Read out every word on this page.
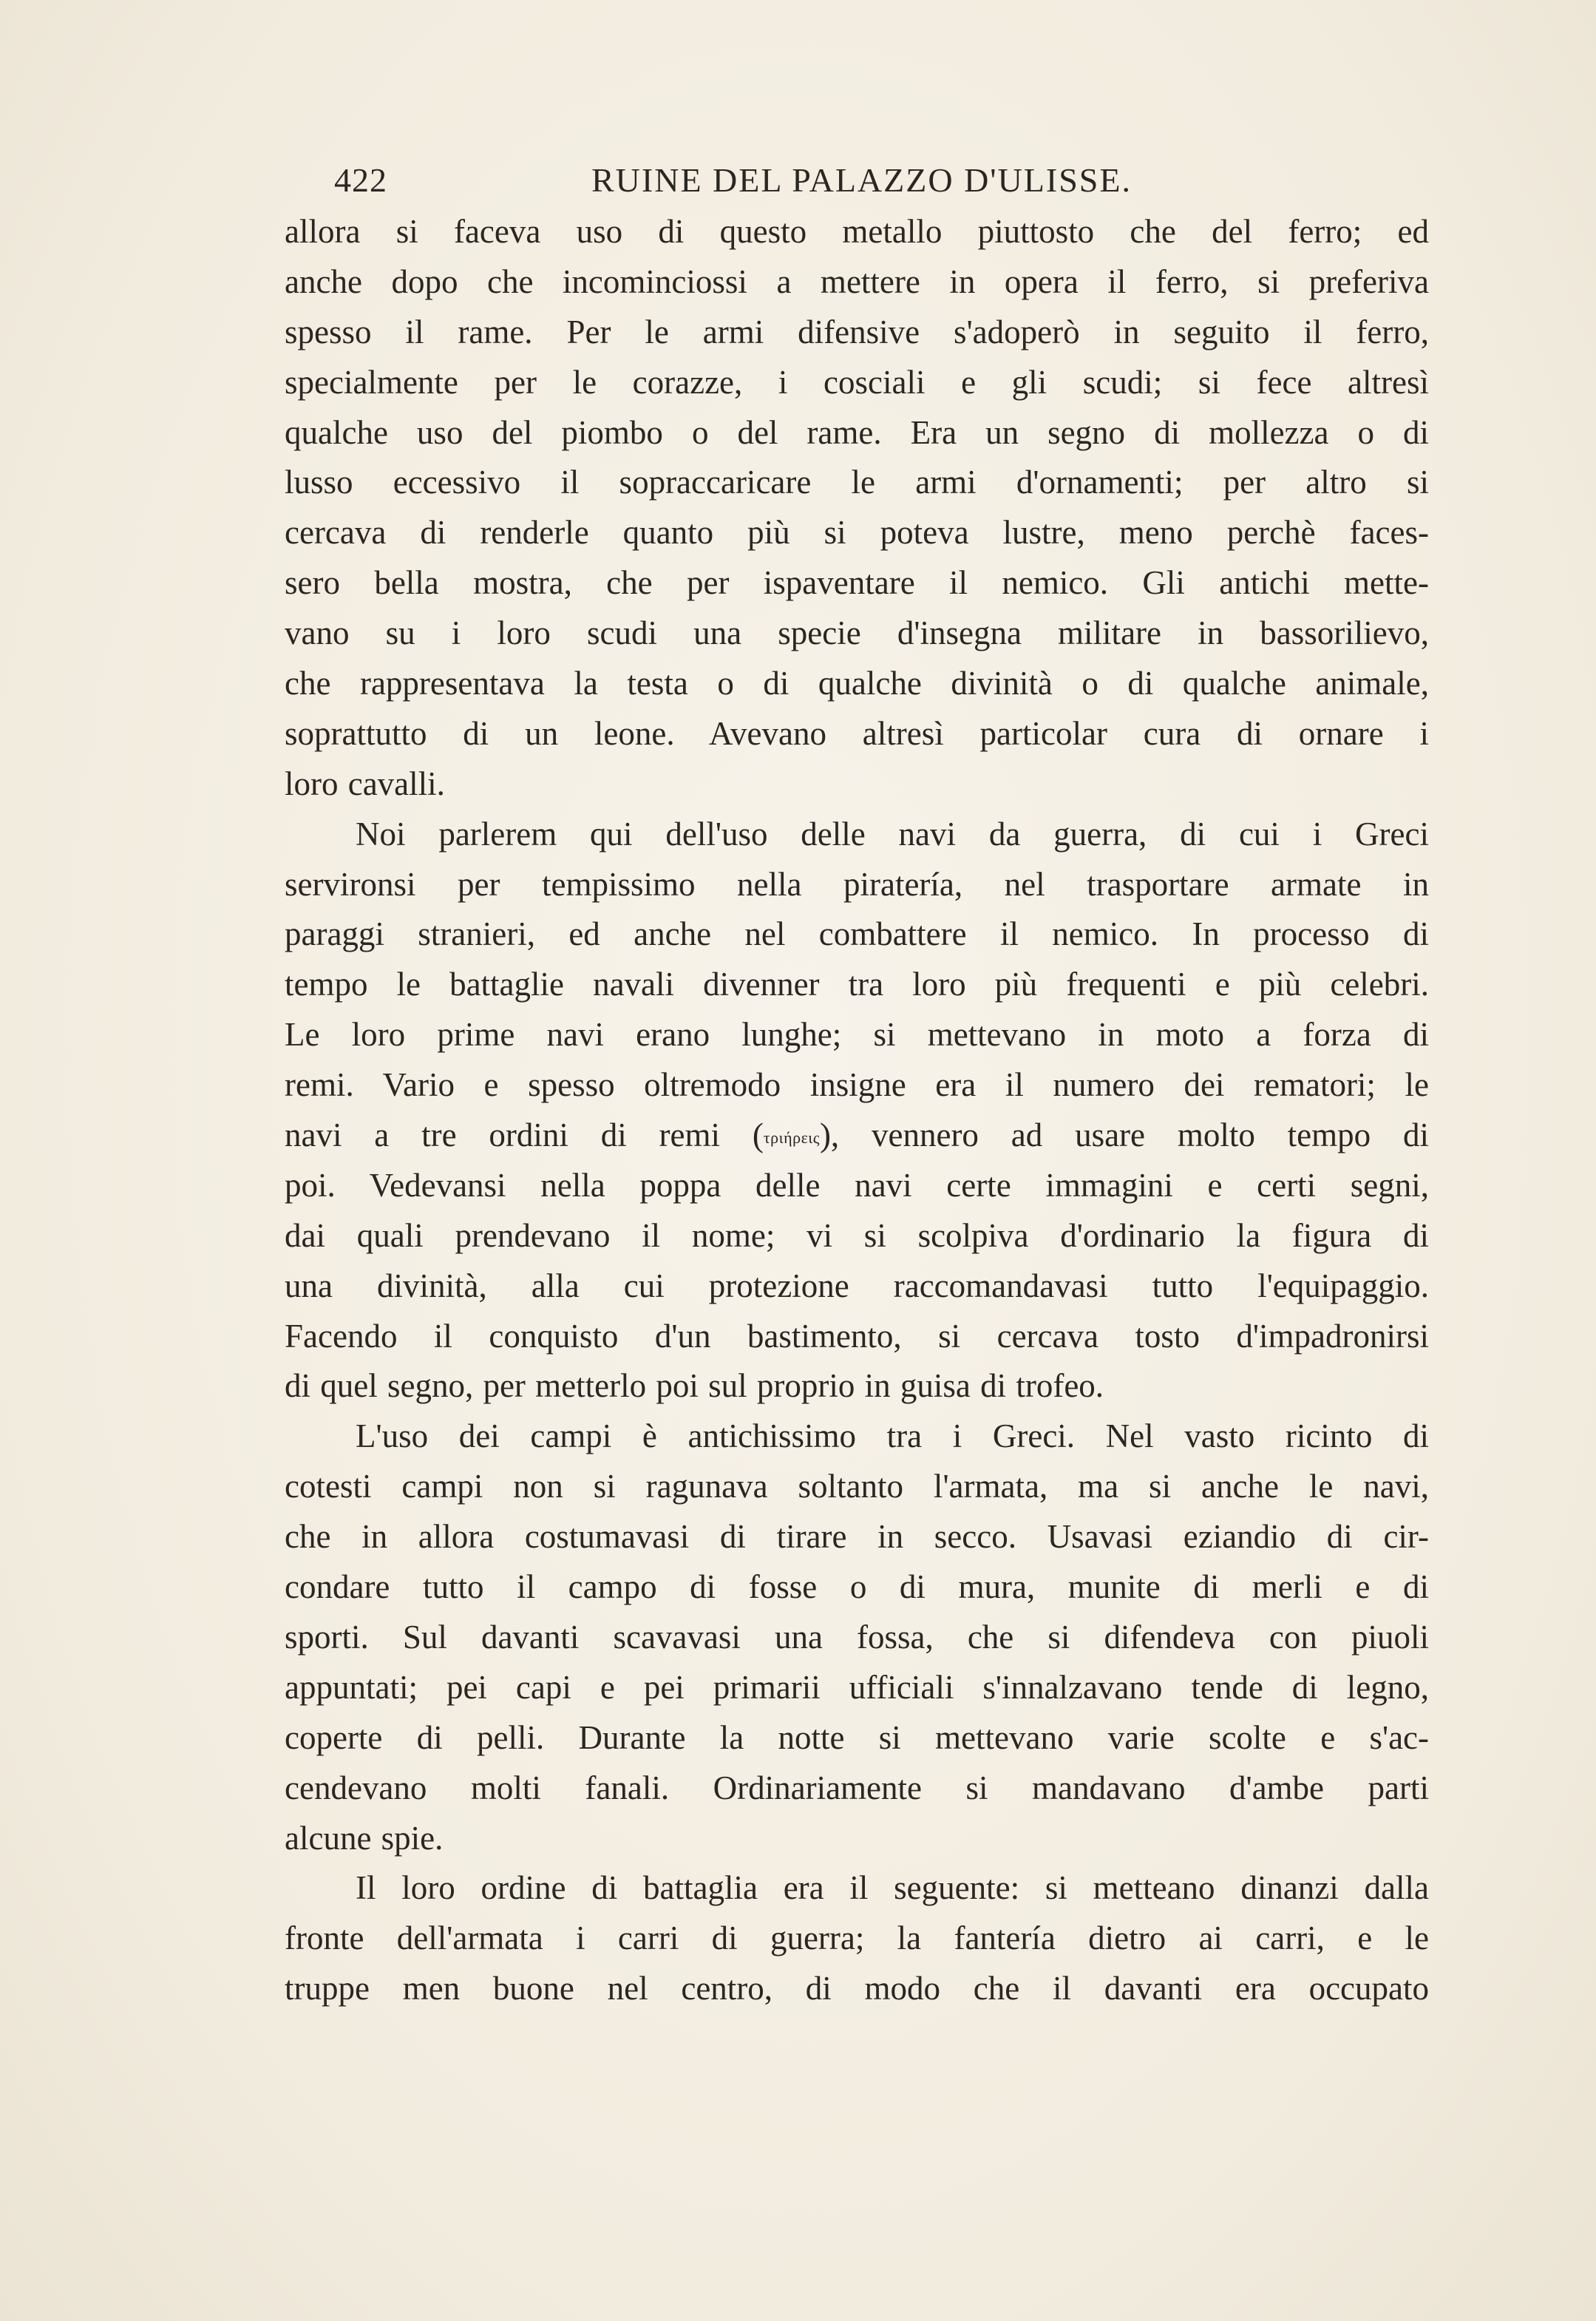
422	RUINE DEL PALAZZO D'ULISSE.
allora si faceva uso di questo metallo piuttosto che del ferro; ed
anche dopo che incominciossi a mettere in opera il ferro, si preferiva
spesso il rame. Per le armi difensive s'adoperò in seguito il ferro,
specialmente per le corazze, i cosciali e gli scudi; si fece altresì
qualche uso del piombo o del rame. Era un segno di mollezza o di
lusso eccessivo il sopraccaricare le armi d'ornamenti; per altro si
cercava di renderle quanto più si poteva lustre, meno perchè faces-
sero bella mostra, che per ispaventare il nemico. Gli antichi mette-
vano su i loro scudi una specie d'insegna militare in bassorilievo,
che rappresentava la testa o di qualche divinità o di qualche animale,
soprattutto di un leone. Avevano altresì particolar cura di ornare i
loro cavalli.
Noi parlerem qui dell'uso delle navi da guerra, di cui i Greci
servironsi per tempissimo nella piratería, nel trasportare armate in
paraggi stranieri, ed anche nel combattere il nemico. In processo di
tempo le battaglie navali divenner tra loro più frequenti e più celebri.
Le loro prime navi erano lunghe; si mettevano in moto a forza di
remi. Vario e spesso oltremodo insigne era il numero dei rematori; le
navi a tre ordini di remi (τριήρεις), vennero ad usare molto tempo di
poi. Vedevansi nella poppa delle navi certe immagini e certi segni,
dai quali prendevano il nome; vi si scolpiva d'ordinario la figura di
una divinità, alla cui protezione raccomandavasi tutto l'equipaggio.
Facendo il conquisto d'un bastimento, si cercava tosto d'impadronirsi
di quel segno, per metterlo poi sul proprio in guisa di trofeo.
L'uso dei campi è antichissimo tra i Greci. Nel vasto ricinto di
cotesti campi non si ragunava soltanto l'armata, ma si anche le navi,
che in allora costumavasi di tirare in secco. Usavasi eziandio di cir-
condare tutto il campo di fosse o di mura, munite di merli e di
sporti. Sul davanti scavavasi una fossa, che si difendeva con piuoli
appuntati; pei capi e pei primarii ufficiali s'innalzavano tende di legno,
coperte di pelli. Durante la notte si mettevano varie scolte e s'ac-
cendevano molti fanali. Ordinariamente si mandavano d'ambe parti
alcune spie.
Il loro ordine di battaglia era il seguente: si metteano dinanzi dalla
fronte dell'armata i carri di guerra; la fantería dietro ai carri, e le
truppe men buone nel centro, di modo che il davanti era occupato
